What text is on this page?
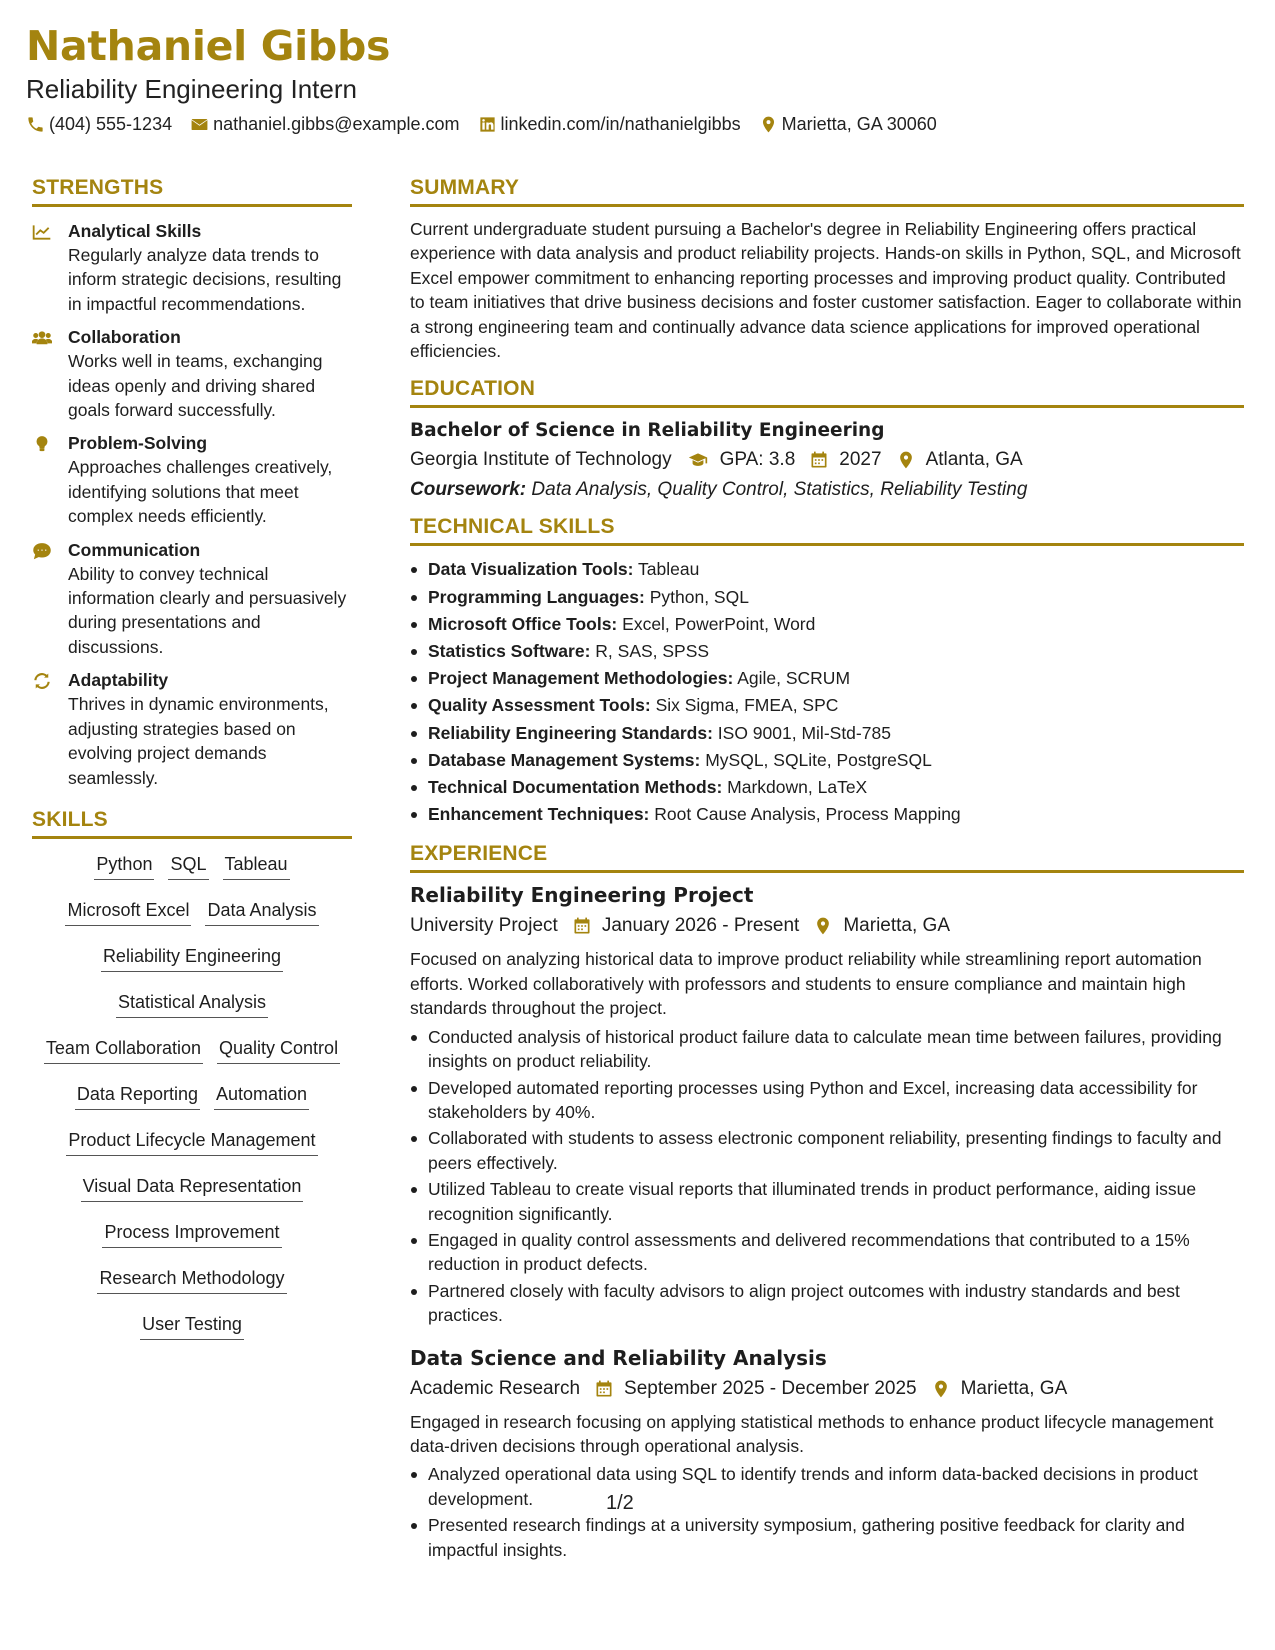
Nathaniel Gibbs
Reliability Engineering Intern
(404) 555-1234 nathaniel.gibbs@example.com linkedin.com/in/nathanielgibbs Marietta, GA 30060
STRENGTHS
Analytical Skills
Regularly analyze data trends to inform strategic decisions, resulting in impactful recommendations.
Collaboration
Works well in teams, exchanging ideas openly and driving shared goals forward successfully.
Problem-Solving
Approaches challenges creatively, identifying solutions that meet complex needs efficiently.
Communication
Ability to convey technical information clearly and persuasively during presentations and discussions.
Adaptability
Thrives in dynamic environments, adjusting strategies based on evolving project demands seamlessly.
SKILLS
Python SQL Tableau
Microsoft Excel Data Analysis
Reliability Engineering
Statistical Analysis
Team Collaboration Quality Control
Data Reporting Automation
Product Lifecycle Management
Visual Data Representation
Process Improvement
Research Methodology
User Testing
SUMMARY

Current undergraduate student pursuing a Bachelor's degree in Reliability Engineering offers practical experience with data analysis and product reliability projects. Hands-on skills in Python, SQL, and Microsoft Excel empower commitment to enhancing reporting processes and improving product quality. Contributed to team initiatives that drive business decisions and foster customer satisfaction. Eager to collaborate within a strong engineering team and continually advance data science applications for improved operational efficiencies.

EDUCATION
Bachelor of Science in Reliability Engineering
Georgia Institute of Technology	GPA: 3.8 2027 Atlanta, GA
Coursework: Data Analysis, Quality Control, Statistics, Reliability Testing
TECHNICAL SKILLS
Data Visualization Tools: Tableau
Programming Languages: Python, SQL
Microsoft Office Tools: Excel, PowerPoint, Word
Statistics Software: R, SAS, SPSS
Project Management Methodologies: Agile, SCRUM
Quality Assessment Tools: Six Sigma, FMEA, SPC
Reliability Engineering Standards: ISO 9001, Mil-Std-785
Database Management Systems: MySQL, SQLite, PostgreSQL
Technical Documentation Methods: Markdown, LaTeX
Enhancement Techniques: Root Cause Analysis, Process Mapping
EXPERIENCE
Reliability Engineering Project
University Project January 2026 - Present Marietta, GA
Focused on analyzing historical data to improve product reliability while streamlining report automation efforts. Worked collaboratively with professors and students to ensure compliance and maintain high standards throughout the project.
Conducted analysis of historical product failure data to calculate mean time between failures, providing insights on product reliability.
Developed automated reporting processes using Python and Excel, increasing data accessibility for stakeholders by 40%.
Collaborated with students to assess electronic component reliability, presenting findings to faculty and peers effectively.
Utilized Tableau to create visual reports that illuminated trends in product performance, aiding issue recognition significantly.
Engaged in quality control assessments and delivered recommendations that contributed to a 15% reduction in product defects.
Partnered closely with faculty advisors to align project outcomes with industry standards and best practices.
Data Science and Reliability Analysis
Academic Research September 2025 - December 2025 Marietta, GA
Engaged in research focusing on applying statistical methods to enhance product lifecycle management data-driven decisions through operational analysis.
Analyzed operational data using SQL to identify trends and inform data-backed decisions in product development.
Presented research findings at a university symposium, gathering positive feedback for clarity and impactful insights.
1/2
